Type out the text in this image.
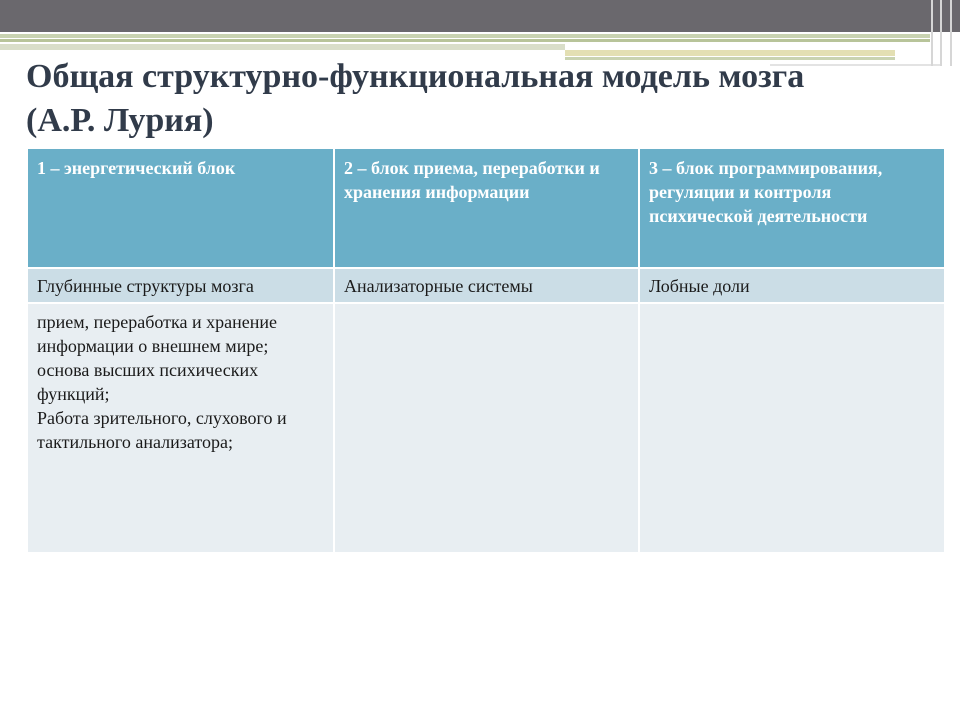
Общая структурно-функциональная модель мозга (А.Р. Лурия)
1 – энергетический блок	2 – блок приема, переработки и хранения информации	3 – блок программирования, регуляции и контроля психической деятельности
Глубинные структуры мозга	Анализаторные системы	Лобные доли

прием, переработка и хранение информации о внешнем мире;
основа высших психических функций;
Работа зрительного, слухового и тактильного анализатора;		
